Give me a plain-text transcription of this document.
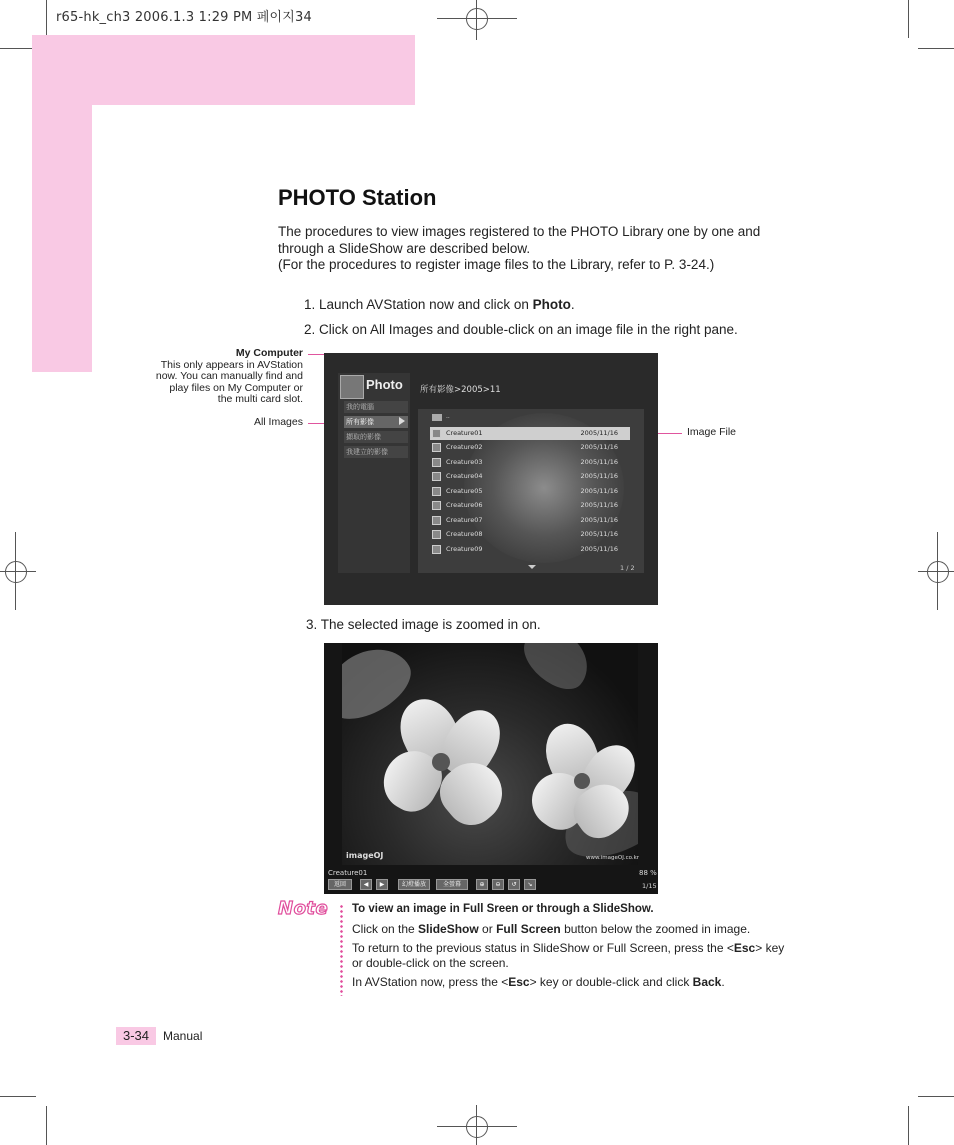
r65-hk_ch3 2006.1.3 1:29 PM 페이지34
PHOTO Station
The procedures to view images registered to the PHOTO Library one by one and
through a SlideShow are described below.
(For the procedures to register image files to the Library, refer to P. 3-24.)
1. Launch AVStation now and click on Photo.
2. Click on All Images and double-click on an image file in the right pane.
My Computer
This only appears in AVStation
now. You can manually find and
play files on My Computer or
the multi card slot.
All Images
Image File
Photo
我的電腦
所有影像
擷取的影像
我建立的影像
所有影像>2005>11
..
Creature01	2005/11/16
Creature02	2005/11/16
Creature03	2005/11/16
Creature04	2005/11/16
Creature05	2005/11/16
Creature06	2005/11/16
Creature07	2005/11/16
Creature08	2005/11/16
Creature09	2005/11/16
1 / 2
3. The selected image is zoomed in on.
imageOJ	www.imageOJ.co.kr
Creature01	88 %
1/15
返回	◀	▶	幻燈播放	全螢幕	⊕	⊖	↺	↘
Note To view an image in Full Sreen or through a SlideShow.
Click on the SlideShow or Full Screen button below the zoomed in image.
To return to the previous status in SlideShow or Full Screen, press the <Esc> key
or double-click on the screen.
In AVStation now, press the <Esc> key or double-click and click Back.
3-34	Manual
